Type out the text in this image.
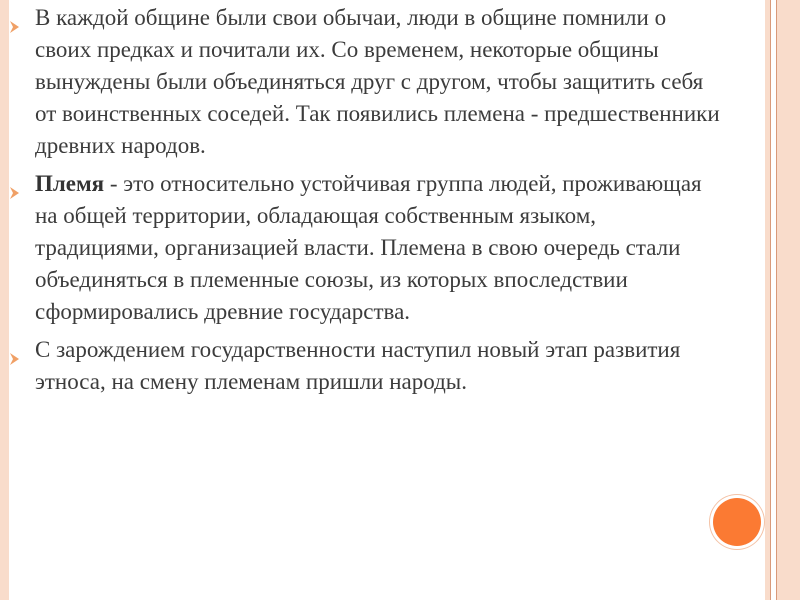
В каждой общине были свои обычаи, люди в общине помнили о своих предках и почитали их. Со временем, некоторые общины вынуждены были объединяться друг с другом, чтобы защитить себя от воинственных соседей. Так появились племена - предшественники древних народов.

Племя - это относительно устойчивая группа людей, проживающая на общей территории, обладающая собственным языком, традициями, организацией власти. Племена в свою очередь стали объединяться в племенные союзы, из которых впоследствии сформировались древние государства.

С зарождением государственности наступил новый этап развития этноса, на смену племенам пришли народы.
